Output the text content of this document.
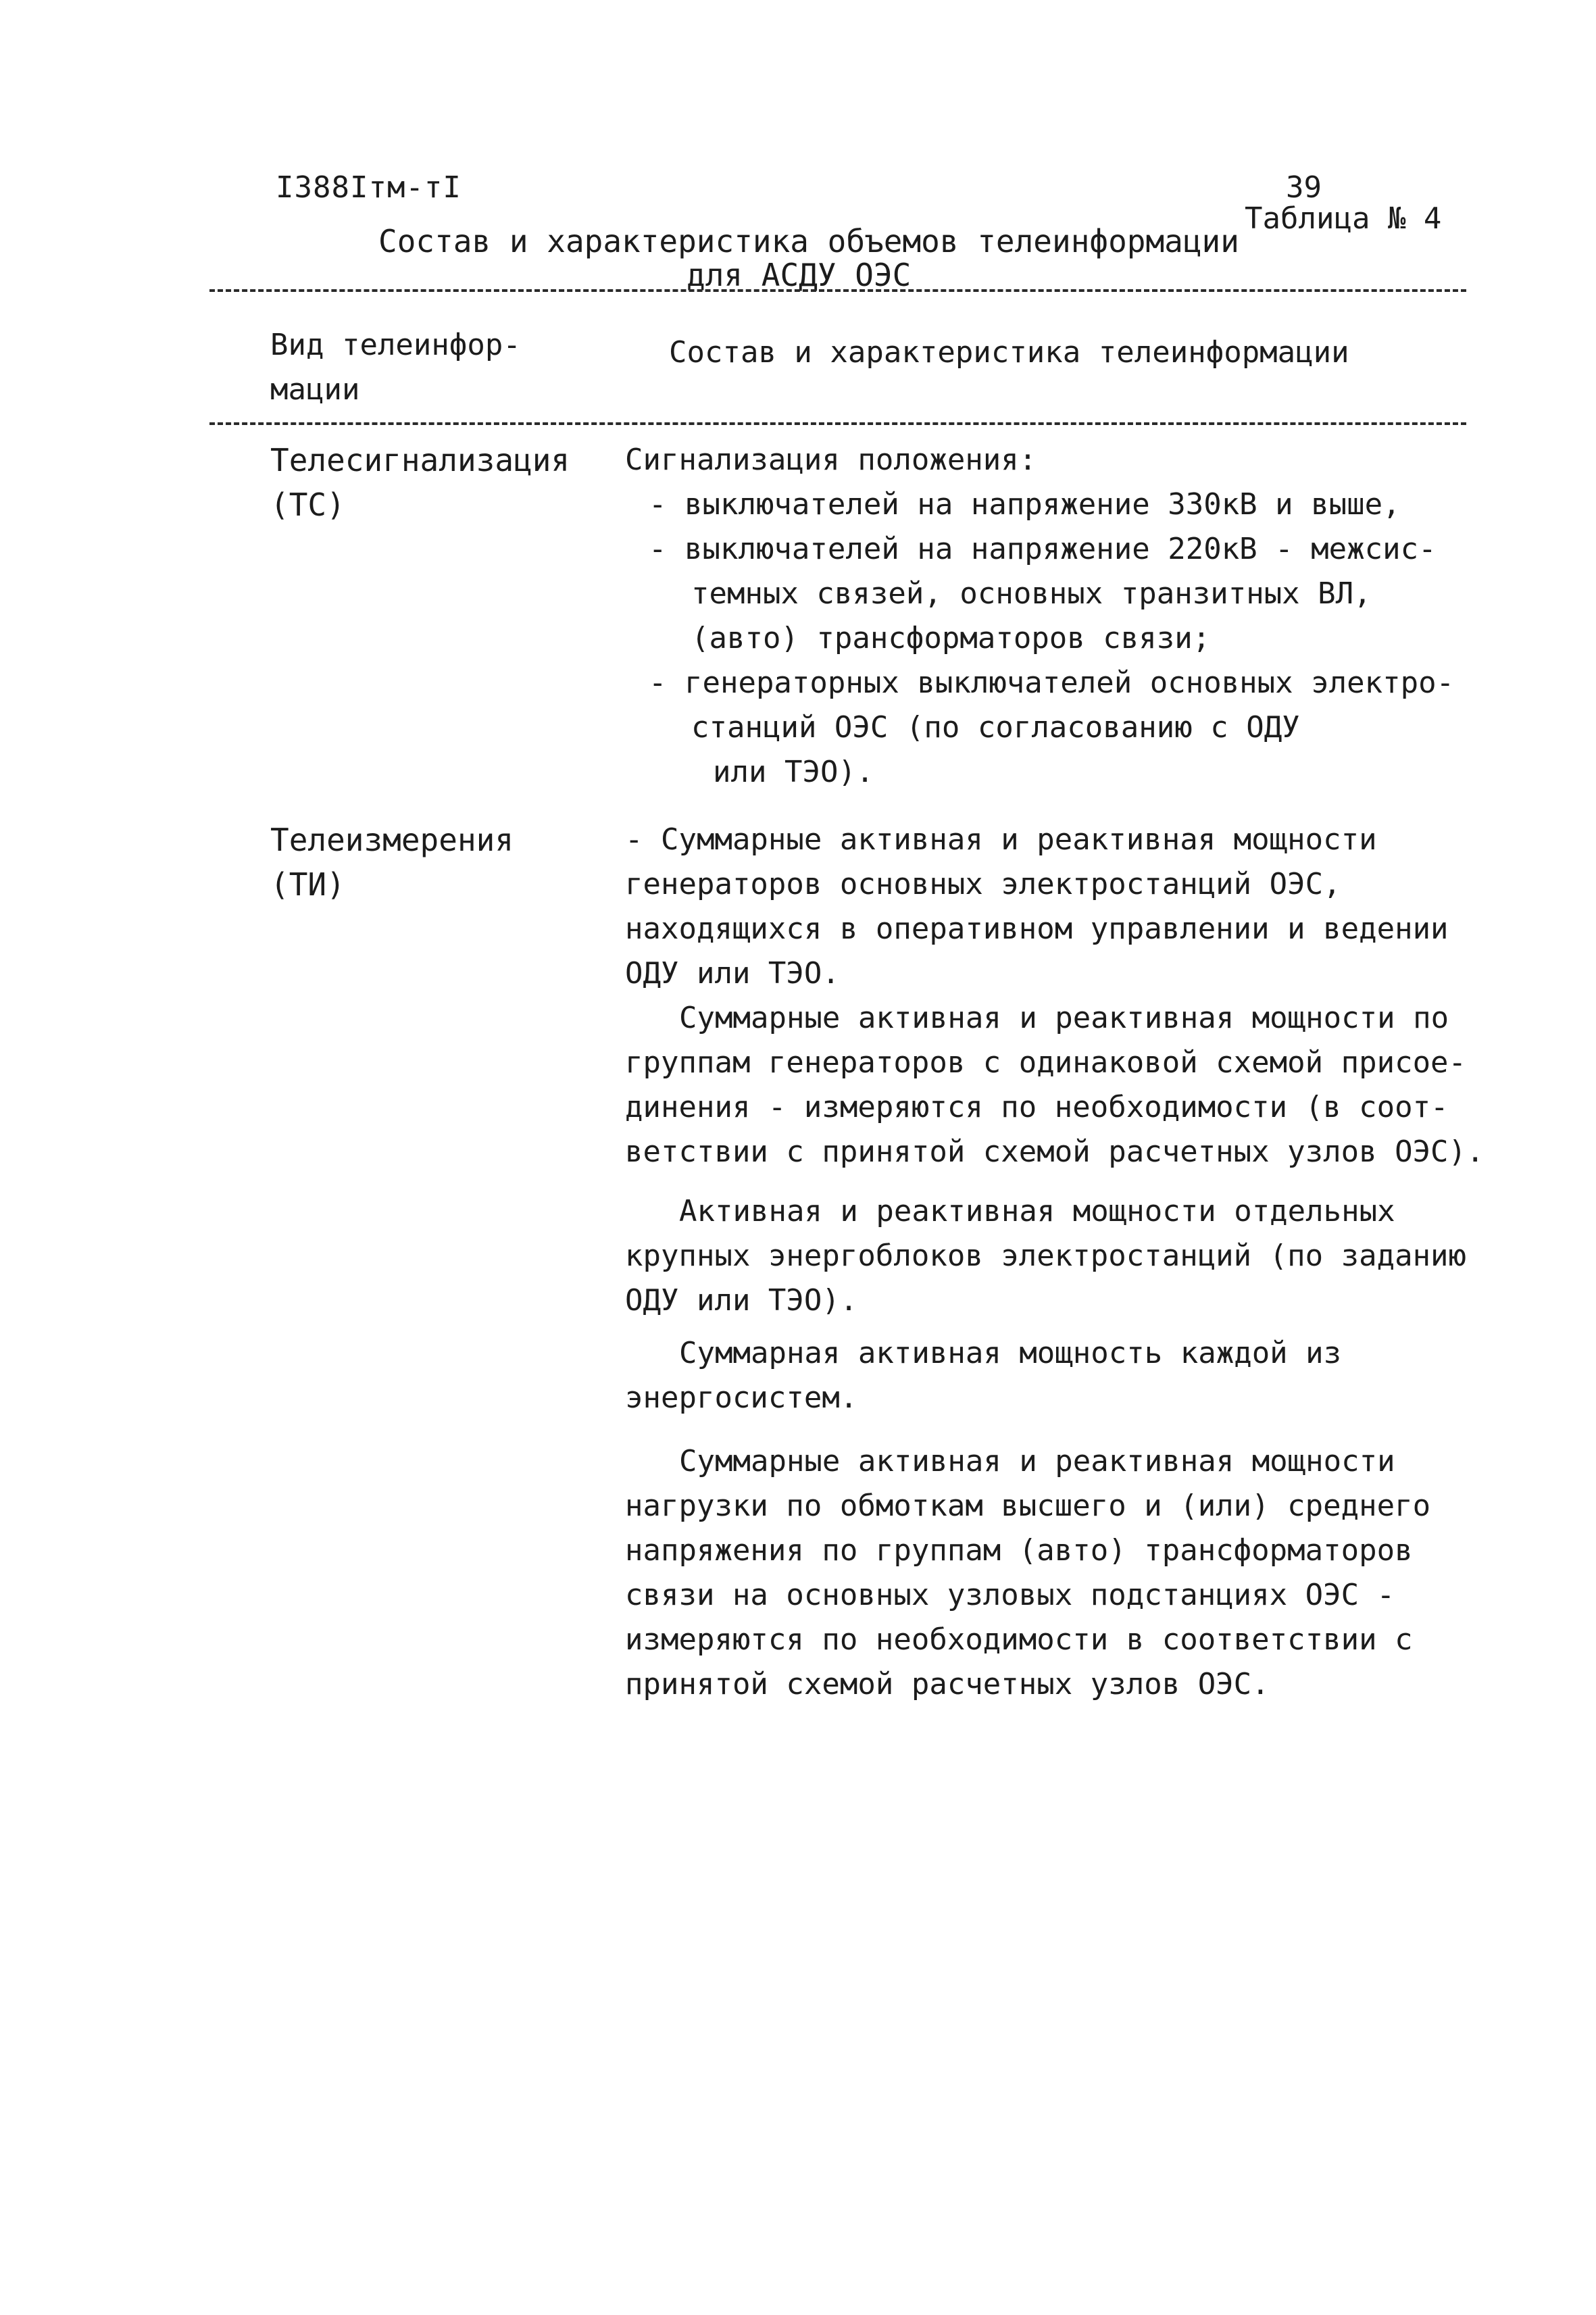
I388Iтм-тI	39
Таблица № 4
Состав и характеристика объемов телеинформации
для АСДУ ОЭС
Вид телеинфор-
мации
Состав и характеристика телеинформации
Телесигнализация
(ТС)
Сигнализация положения:
- выключателей на напряжение 330кВ и выше,
- выключателей на напряжение 220кВ - межсис-
темных связей, основных транзитных ВЛ,
(авто) трансформаторов связи;
- генераторных выключателей основных электро-
станций ОЭС (по согласованию с ОДУ
или ТЭО).
Телеизмерения
(ТИ)
- Суммарные активная и реактивная мощности
генераторов основных электростанций ОЭС,
находящихся в оперативном управлении и ведении
ОДУ или ТЭО.
Суммарные активная и реактивная мощности по
группам генераторов с одинаковой схемой присое-
динения - измеряются по необходимости (в соот-
ветствии с принятой схемой расчетных узлов ОЭС).
Активная и реактивная мощности отдельных
крупных энергоблоков электростанций (по заданию
ОДУ или ТЭО).
Суммарная активная мощность каждой из
энергосистем.
Суммарные активная и реактивная мощности
нагрузки по обмоткам высшего и (или) среднего
напряжения по группам (авто) трансформаторов
связи на основных узловых подстанциях ОЭС -
измеряются по необходимости в соответствии с
принятой схемой расчетных узлов ОЭС.
